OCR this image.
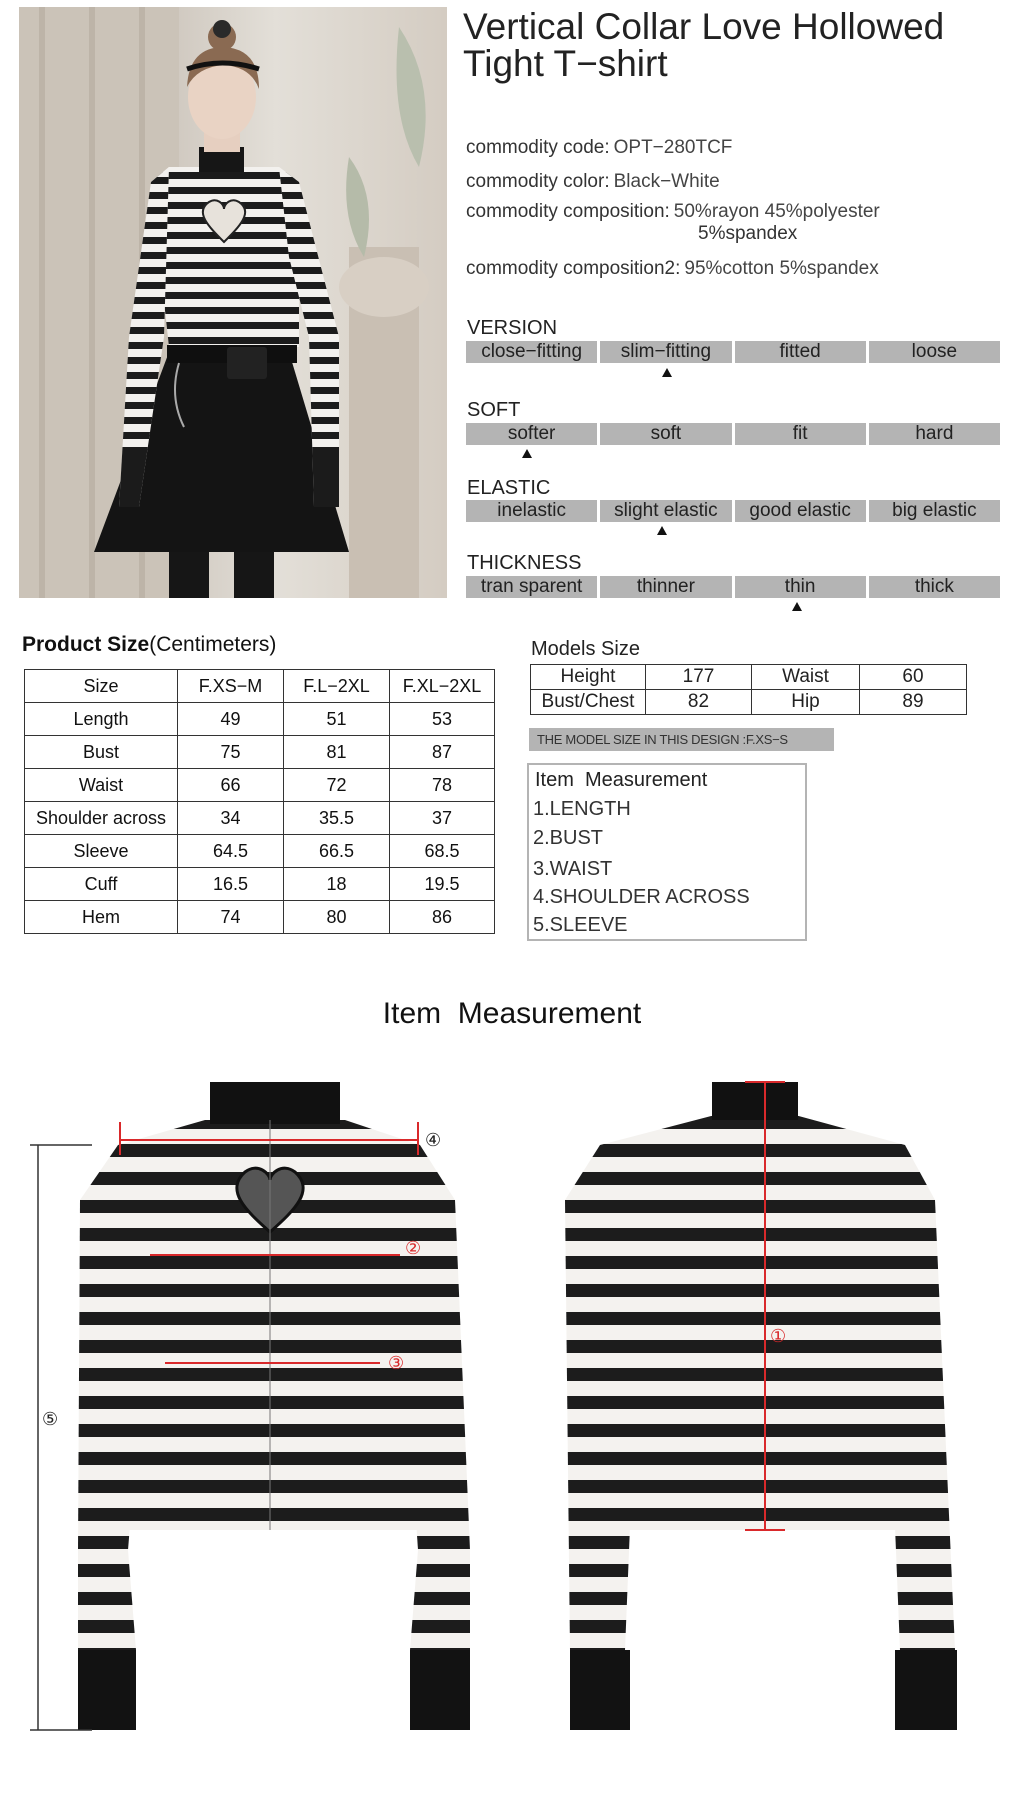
Vertical Collar Love Hollowed Tight T−shirt
commodity code: OPT−280TCF
commodity color: Black−White
commodity composition: 50%rayon 45%polyester
5%spandex
commodity composition2: 95%cotton 5%spandex
VERSION
close−fitting	slim−fitting	fitted	loose
SOFT
softer	soft	fit	hard
ELASTIC
inelastic	slight elastic	good elastic	big elastic
THICKNESS
tran sparent	thinner	thin	thick
Product Size(Centimeters)
Size	F.XS−M	F.L−2XL	F.XL−2XL
Length	49	51	53
Bust	75	81	87
Waist	66	72	78
Shoulder across	34	35.5	37
Sleeve	64.5	66.5	68.5
Cuff	16.5	18	19.5
Hem	74	80	86
Models Size
Height	177	Waist	60
Bust/Chest	82	Hip	89
THE MODEL SIZE IN THIS DESIGN :F.XS−S
Item  Measurement
1.LENGTH
2.BUST
3.WAIST
4.SHOULDER ACROSS
5.SLEEVE
Item  Measurement
①
②
③
④
⑤
